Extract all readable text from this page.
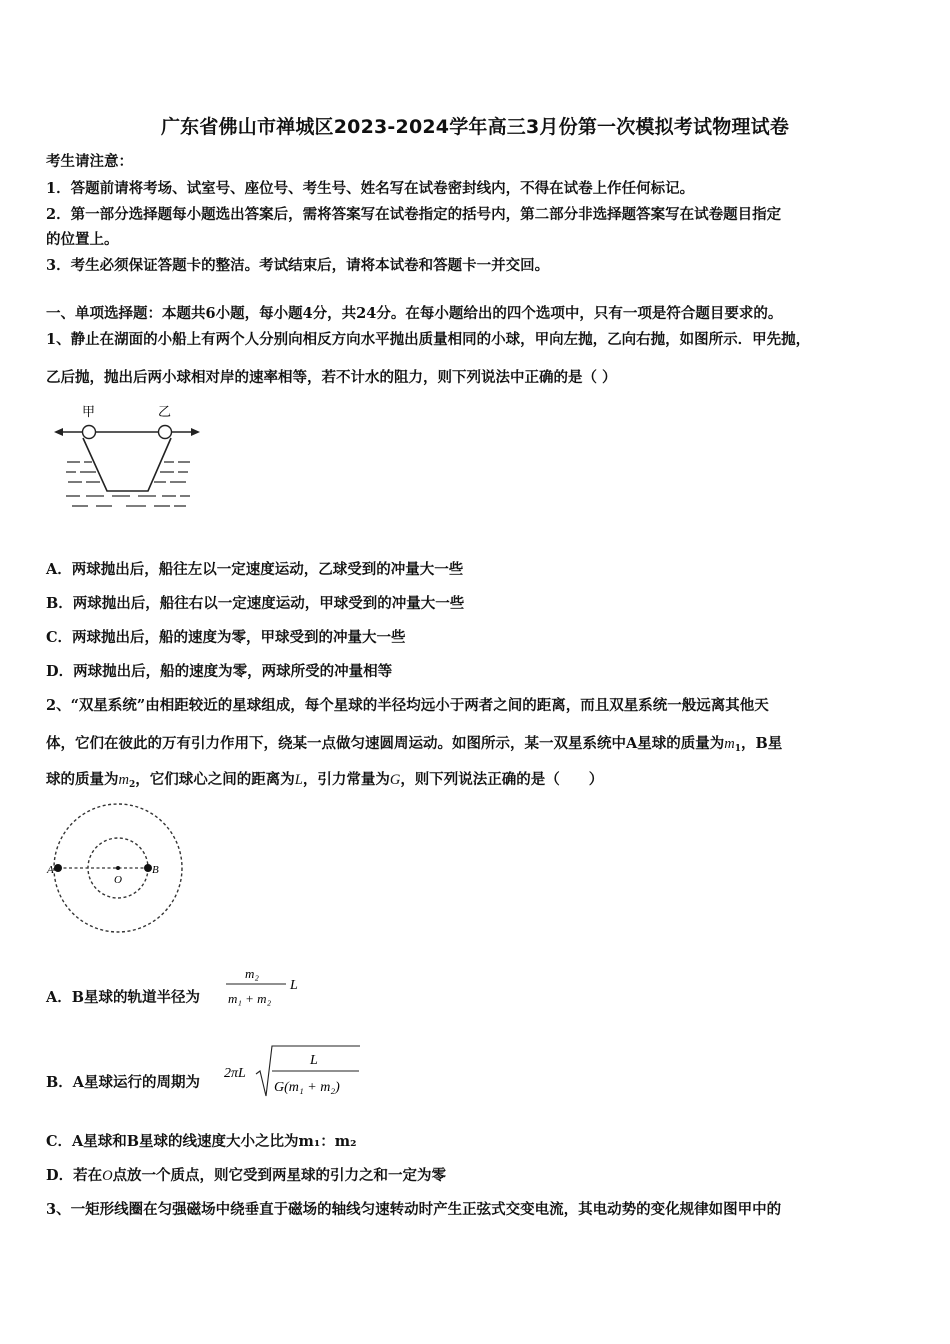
广东省佛山市禅城区2023-2024学年高三3月份第一次模拟考试物理试卷
考生请注意：
1．答题前请将考场、试室号、座位号、考生号、姓名写在试卷密封线内，不得在试卷上作任何标记。
2．第一部分选择题每小题选出答案后，需将答案写在试卷指定的括号内，第二部分非选择题答案写在试卷题目指定
的位置上。
3．考生必须保证答题卡的整洁。考试结束后，请将本试卷和答题卡一并交回。
一、单项选择题：本题共6小题，每小题4分，共24分。在每小题给出的四个选项中，只有一项是符合题目要求的。
1、静止在湖面的小船上有两个人分别向相反方向水平抛出质量相同的小球，甲向左抛，乙向右抛，如图所示．甲先抛，
乙后抛，抛出后两小球相对岸的速率相等，若不计水的阻力，则下列说法中正确的是（ ）
甲	乙
A．两球抛出后，船往左以一定速度运动，乙球受到的冲量大一些
B．两球抛出后，船往右以一定速度运动，甲球受到的冲量大一些
C．两球抛出后，船的速度为零，甲球受到的冲量大一些
D．两球抛出后，船的速度为零，两球所受的冲量相等
2、“双星系统”由相距较近的星球组成，每个星球的半径均远小于两者之间的距离，而且双星系统一般远离其他天
体，它们在彼此的万有引力作用下，绕某一点做匀速圆周运动。如图所示，某一双星系统中A星球的质量为$m_1$，B星
球的质量为$m_2$，它们球心之间的距离为L，引力常量为G，则下列说法正确的是（　　）
A
O
B
A．B星球的轨道半径为
m₂
m₁ + m₂
L
B．A星球运行的周期为
2πL
L
G(m₁ + m₂)
C．A星球和B星球的线速度大小之比为m₁：m₂
D．若在O点放一个质点，则它受到两星球的引力之和一定为零
3、一矩形线圈在匀强磁场中绕垂直于磁场的轴线匀速转动时产生正弦式交变电流，其电动势的变化规律如图甲中的
